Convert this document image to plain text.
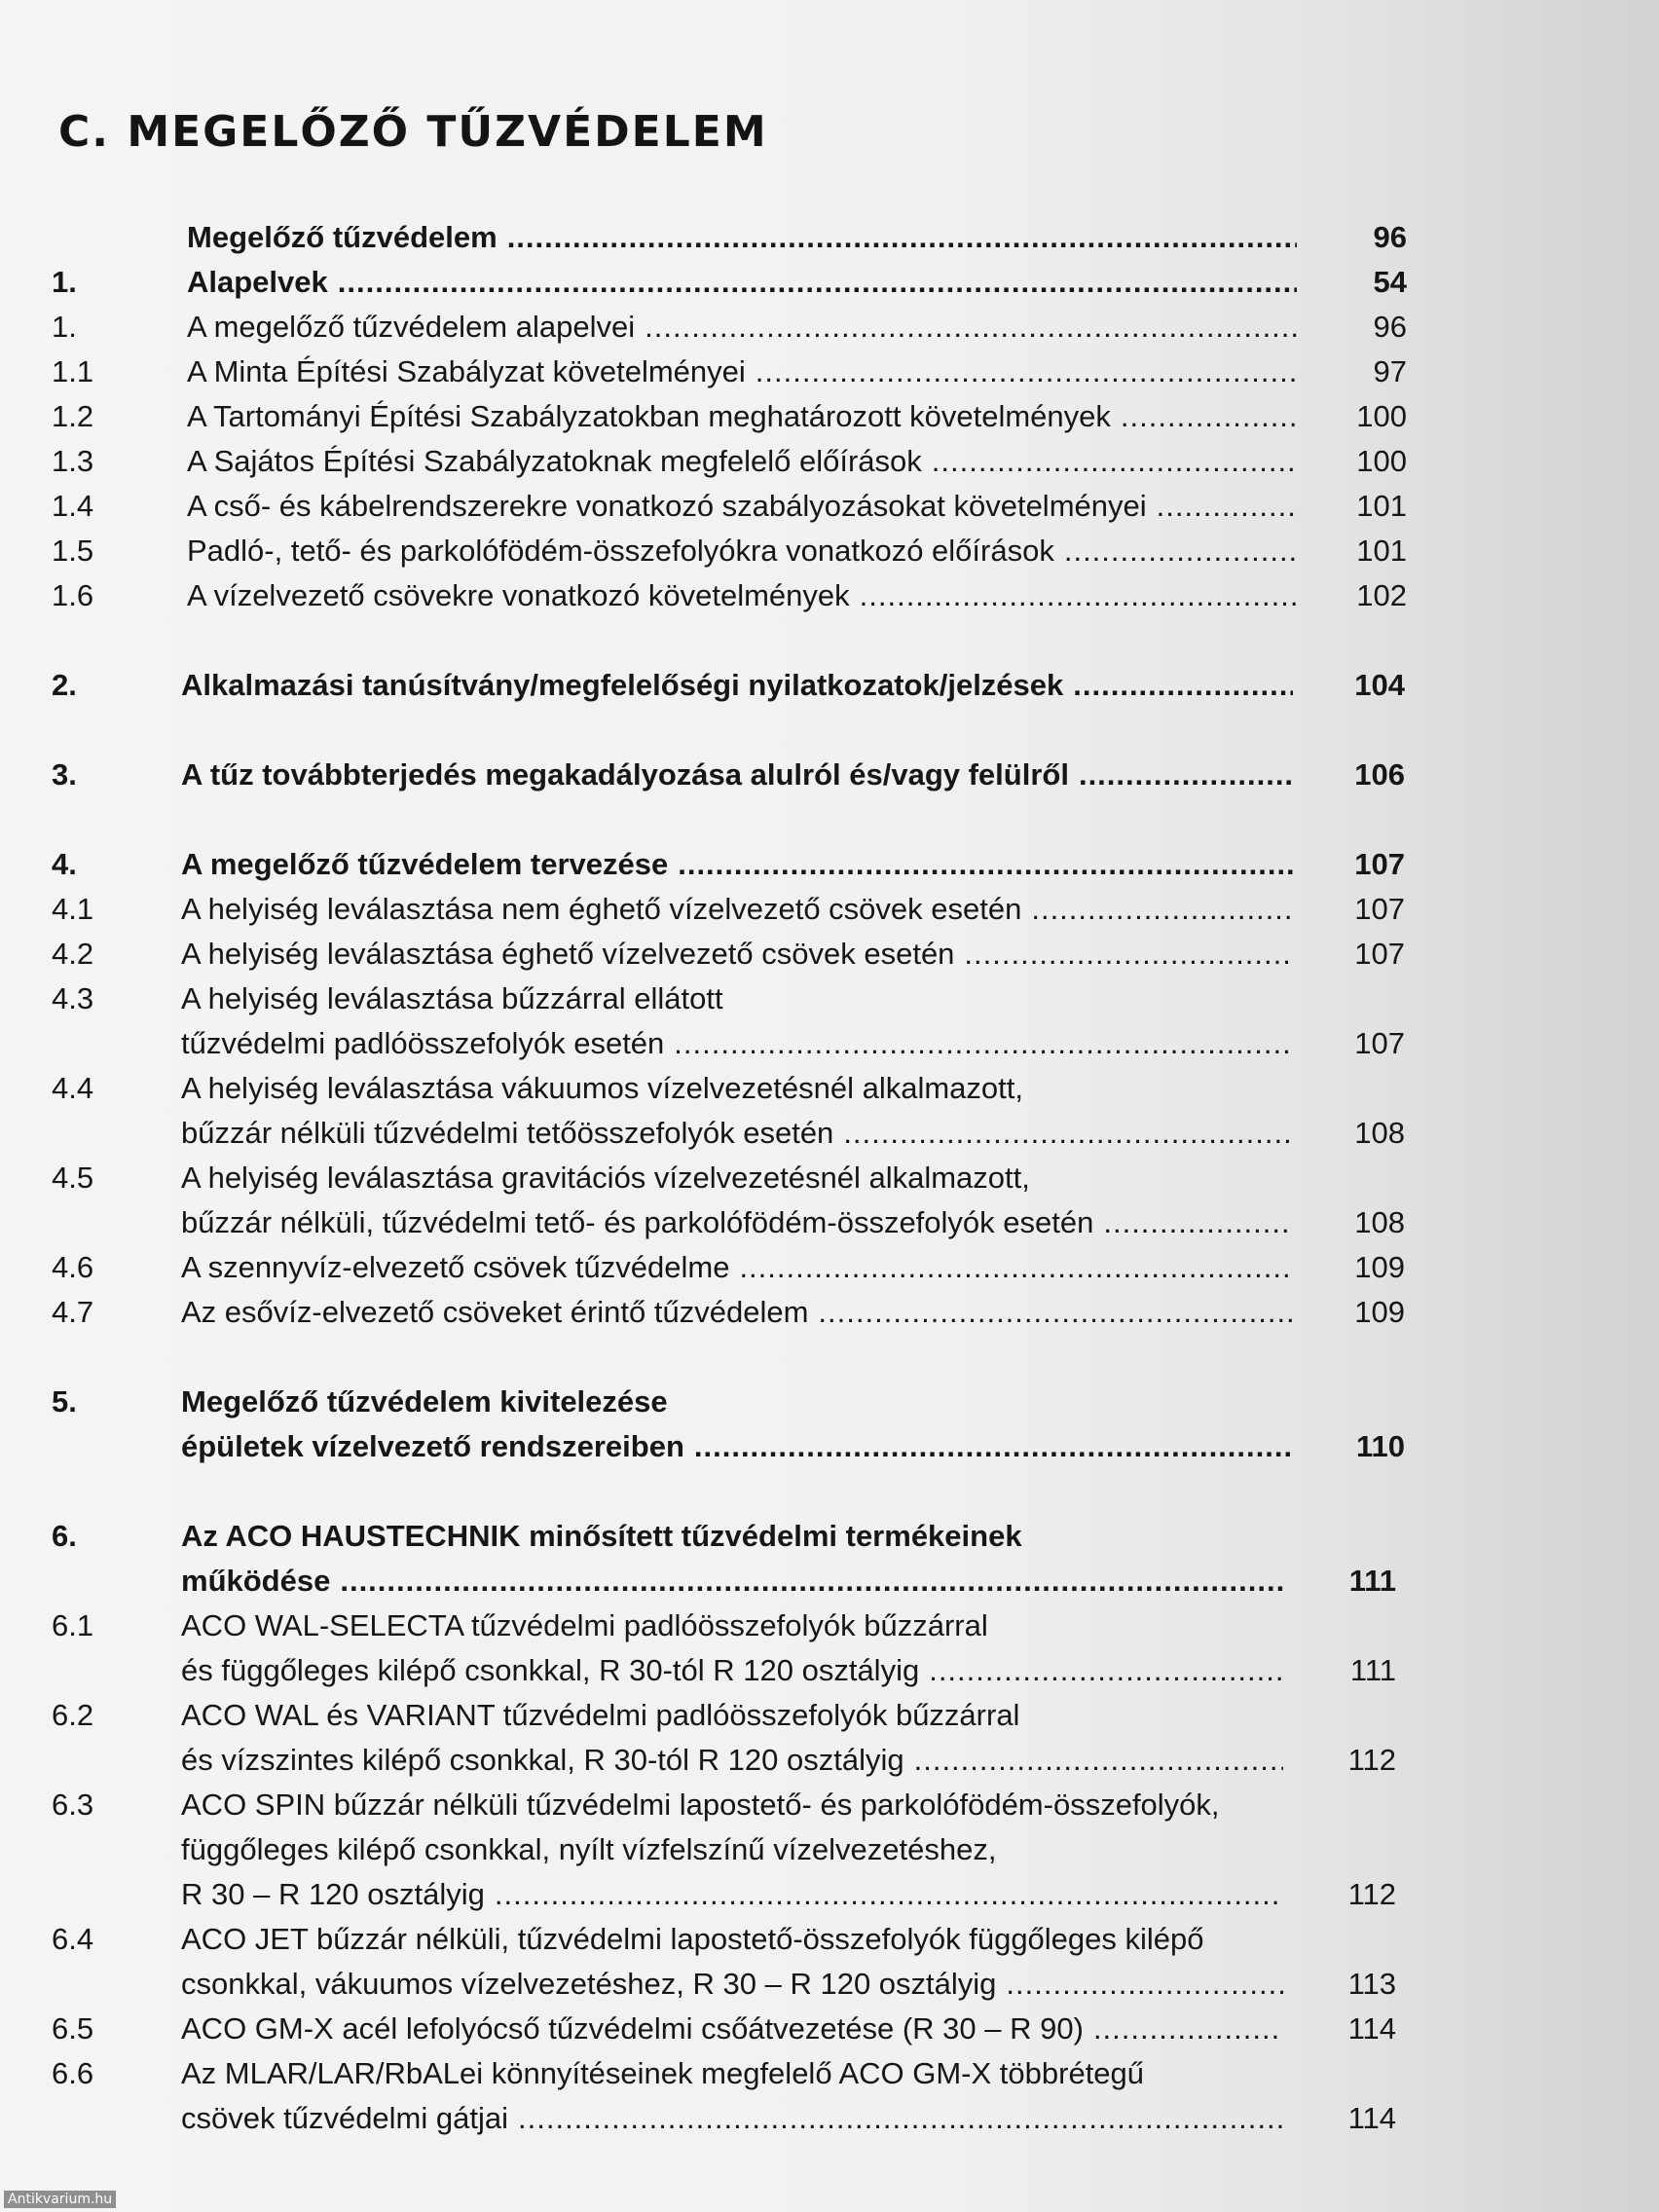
C. MEGELŐZŐ TŰZVÉDELEM
Megelőző tűzvédelem .....	96
1.	Alapelvek .....	54
1.	A megelőző tűzvédelem alapelvei .....	96
1.1	A Minta Építési Szabályzat követelményei .....	97
1.2	A Tartományi Építési Szabályzatokban meghatározott követelmények .....	100
1.3	A Sajátos Építési Szabályzatoknak megfelelő előírások .....	100
1.4	A cső- és kábelrendszerekre vonatkozó szabályozásokat követelményei .....	101
1.5	Padló-, tető- és parkolófödém-összefolyókra vonatkozó előírások .....	101
1.6	A vízelvezető csövekre vonatkozó követelmények .....	102
2.	Alkalmazási tanúsítvány/megfelelőségi nyilatkozatok/jelzések .....	104
3.	A tűz továbbterjedés megakadályozása alulról és/vagy felülről .....	106
4.	A megelőző tűzvédelem tervezése .....	107
4.1	A helyiség leválasztása nem éghető vízelvezető csövek esetén .....	107
4.2	A helyiség leválasztása éghető vízelvezető csövek esetén .....	107
4.3	A helyiség leválasztása bűzzárral ellátott
tűzvédelmi padlóösszefolyók esetén .....	107
4.4	A helyiség leválasztása vákuumos vízelvezetésnél alkalmazott,
bűzzár nélküli tűzvédelmi tetőösszefolyók esetén .....	108
4.5	A helyiség leválasztása gravitációs vízelvezetésnél alkalmazott,
bűzzár nélküli, tűzvédelmi tető- és parkolófödém-összefolyók esetén .....	108
4.6	A szennyvíz-elvezető csövek tűzvédelme .....	109
4.7	Az esővíz-elvezető csöveket érintő tűzvédelem .....	109
5.	Megelőző tűzvédelem kivitelezése
épületek vízelvezető rendszereiben .....	110
6.	Az ACO HAUSTECHNIK minősített tűzvédelmi termékeinek
működése .....	111
6.1	ACO WAL-SELECTA tűzvédelmi padlóösszefolyók bűzzárral
és függőleges kilépő csonkkal, R 30-tól R 120 osztályig .....	111
6.2	ACO WAL és VARIANT tűzvédelmi padlóösszefolyók bűzzárral
és vízszintes kilépő csonkkal, R 30-tól R 120 osztályig .....	112
6.3	ACO SPIN bűzzár nélküli tűzvédelmi lapostető- és parkolófödém-összefolyók,
függőleges kilépő csonkkal, nyílt vízfelszínű vízelvezetéshez,
R 30 – R 120 osztályig .....	112
6.4	ACO JET bűzzár nélküli, tűzvédelmi lapostető-összefolyók függőleges kilépő
csonkkal, vákuumos vízelvezetéshez, R 30 – R 120 osztályig .....	113
6.5	ACO GM-X acél lefolyócső tűzvédelmi csőátvezetése (R 30 – R 90) .....	114
6.6	Az MLAR/LAR/RbALei könnyítéseinek megfelelő ACO GM-X többrétegű
csövek tűzvédelmi gátjai .....	114
Antikvarium.hu
